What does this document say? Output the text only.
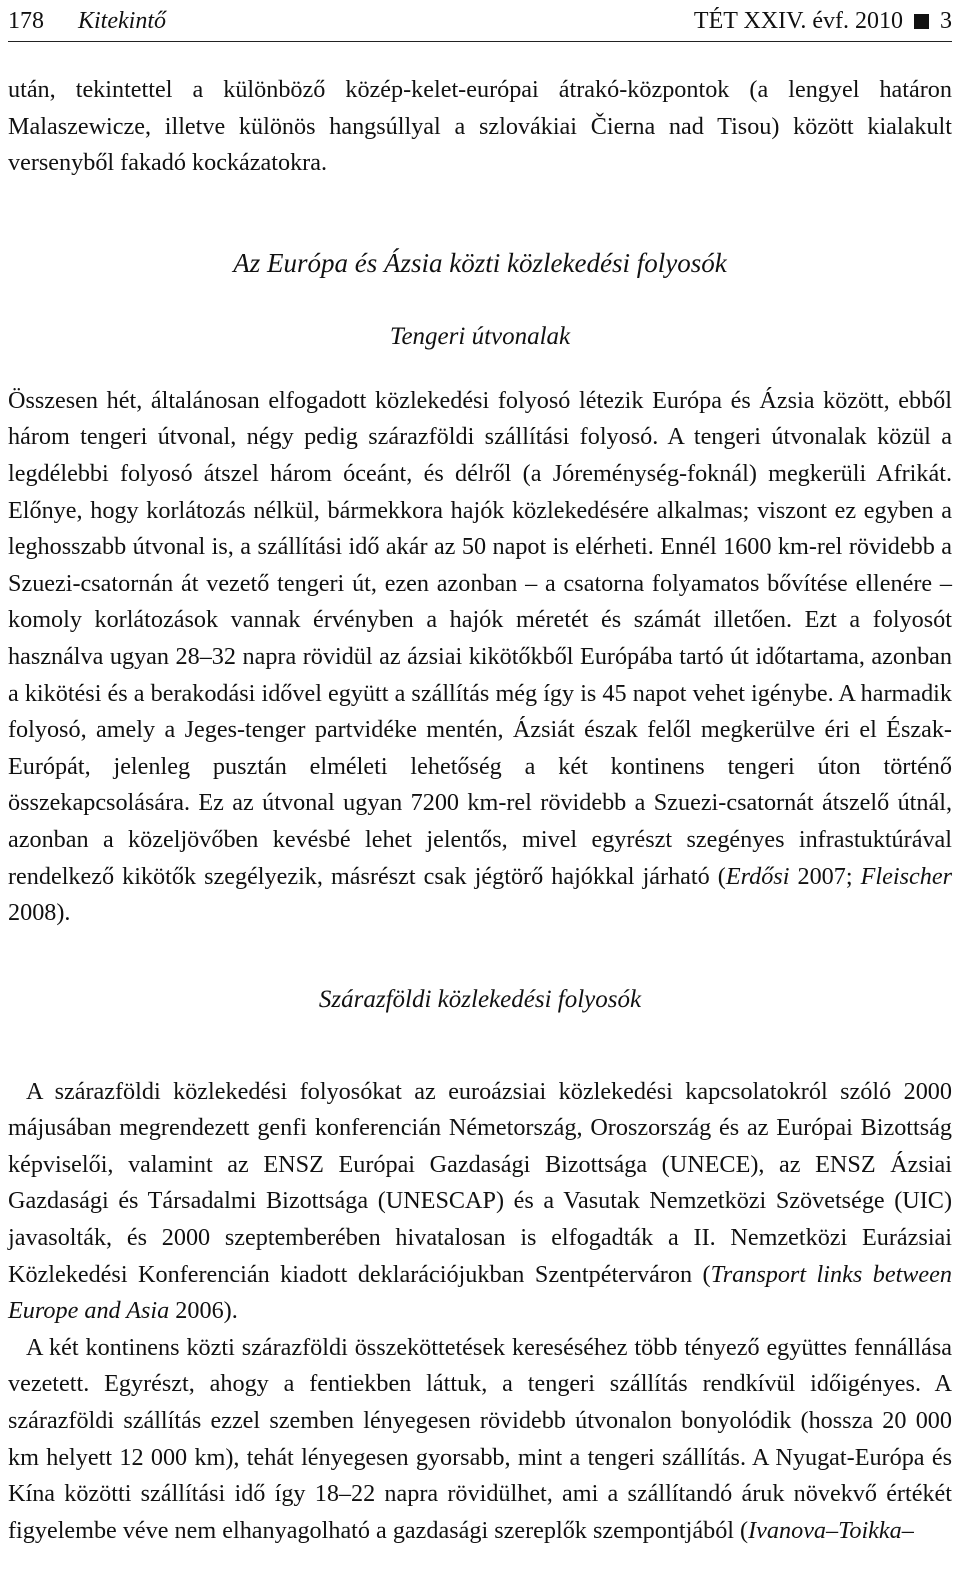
178 Kitekintő	TÉT XXIV. évf. 2010 3

után, tekintettel a különböző közép-kelet-európai átrakó-központok (a lengyel határon Malaszewicze, illetve különös hangsúllyal a szlovákiai Čierna nad Tisou) között kialakult versenyből fakadó kockázatokra.

Az Európa és Ázsia közti közlekedési folyosók
Tengeri útvonalak

Összesen hét, általánosan elfogadott közlekedési folyosó létezik Európa és Ázsia között, ebből három tengeri útvonal, négy pedig szárazföldi szállítási folyosó. A tengeri útvonalak közül a legdélebbi folyosó átszel három óceánt, és délről (a Jóreménység-foknál) megkerüli Afrikát. Előnye, hogy korlátozás nélkül, bármekkora hajók közlekedésére alkalmas; viszont ez egyben a leghosszabb útvonal is, a szállítási idő akár az 50 napot is elérheti. Ennél 1600 km-rel rövidebb a Szuezi-csatornán át vezető tengeri út, ezen azonban – a csatorna folyamatos bővítése ellenére – komoly korlátozások vannak érvényben a hajók méretét és számát illetően. Ezt a folyosót használva ugyan 28–32 napra rövidül az ázsiai kikötőkből Európába tartó út időtartama, azonban a kikötési és a berakodási idővel együtt a szállítás még így is 45 napot vehet igénybe. A harmadik folyosó, amely a Jeges-tenger partvidéke mentén, Ázsiát észak felől megkerülve éri el Észak-Európát, jelenleg pusztán elméleti lehetőség a két kontinens tengeri úton történő összekapcsolására. Ez az útvonal ugyan 7200 km-rel rövidebb a Szuezi-csatornát átszelő útnál, azonban a közeljövőben kevésbé lehet jelentős, mivel egyrészt szegényes infrastuktúrával rendelkező kikötők szegélyezik, másrészt csak jégtörő hajókkal járható (Erdősi 2007; Fleischer 2008).

Szárazföldi közlekedési folyosók

A szárazföldi közlekedési folyosókat az euroázsiai közlekedési kapcsolatokról szóló 2000 májusában megrendezett genfi konferencián Németország, Oroszország és az Európai Bizottság képviselői, valamint az ENSZ Európai Gazdasági Bizottsága (UNECE), az ENSZ Ázsiai Gazdasági és Társadalmi Bizottsága (UNESCAP) és a Vasutak Nemzetközi Szövetsége (UIC) javasolták, és 2000 szeptemberében hivatalosan is elfogadták a II. Nemzetközi Eurázsiai Közlekedési Konferencián kiadott deklarációjukban Szentpéterváron (Transport links between Europe and Asia 2006).

A két kontinens közti szárazföldi összeköttetések kereséséhez több tényező együttes fennállása vezetett. Egyrészt, ahogy a fentiekben láttuk, a tengeri szállítás rendkívül időigényes. A szárazföldi szállítás ezzel szemben lényegesen rövidebb útvonalon bonyolódik (hossza 20 000 km helyett 12 000 km), tehát lényegesen gyorsabb, mint a tengeri szállítás. A Nyugat-Európa és Kína közötti szállítási idő így 18–22 napra rövidülhet, ami a szállítandó áruk növekvő értékét figyelembe véve nem elhanyagolható a gazdasági szereplők szempontjából (Ivanova–Toikka–
